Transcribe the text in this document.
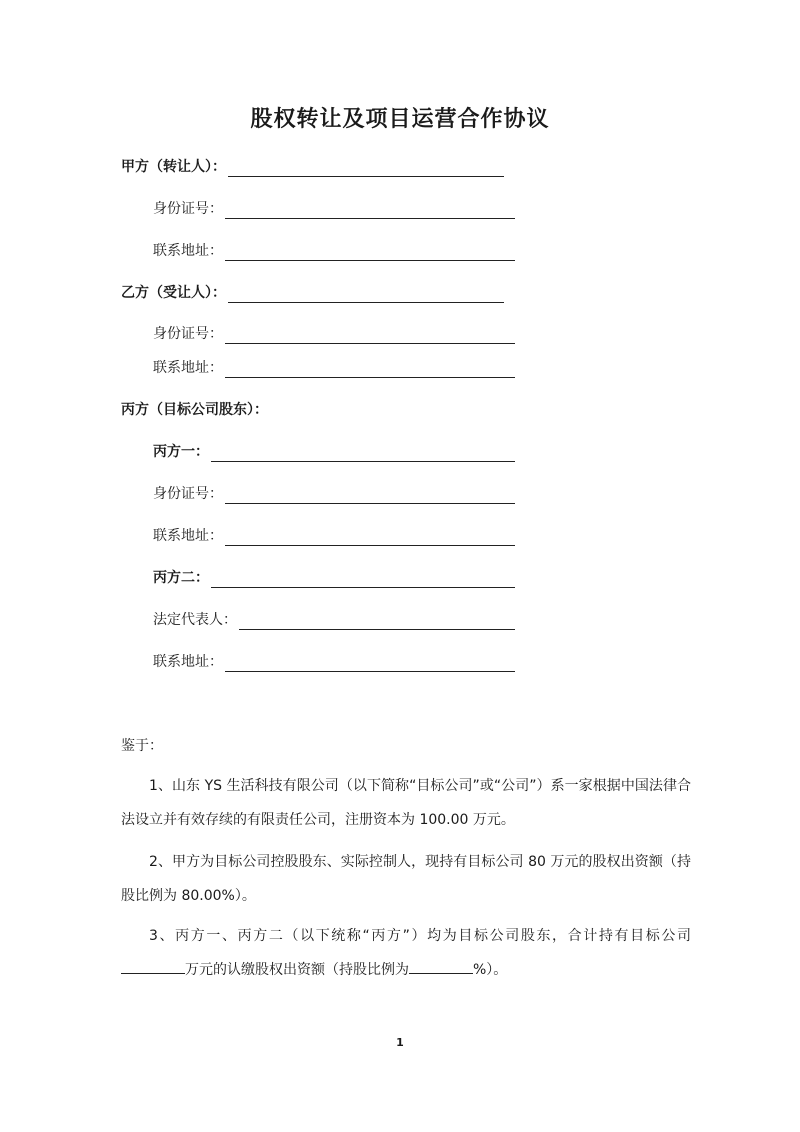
股权转让及项目运营合作协议
甲方（转让人）：
身份证号：
联系地址：
乙方（受让人）：
身份证号：
联系地址：
丙方（目标公司股东）：
丙方一：
身份证号：
联系地址：
丙方二：
法定代表人：
联系地址：
鉴于：

1、山东 YS 生活科技有限公司（以下简称“目标公司”或“公司”）系一家根据中国法律合法设立并有效存续的有限责任公司，注册资本为 100.00 万元。

2、甲方为目标公司控股股东、实际控制人，现持有目标公司 80 万元的股权出资额（持股比例为 80.00%）。

3、丙方一、丙方二（以下统称“丙方”）均为目标公司股东，合计持有目标公司万元的认缴股权出资额（持股比例为	%）。

1
